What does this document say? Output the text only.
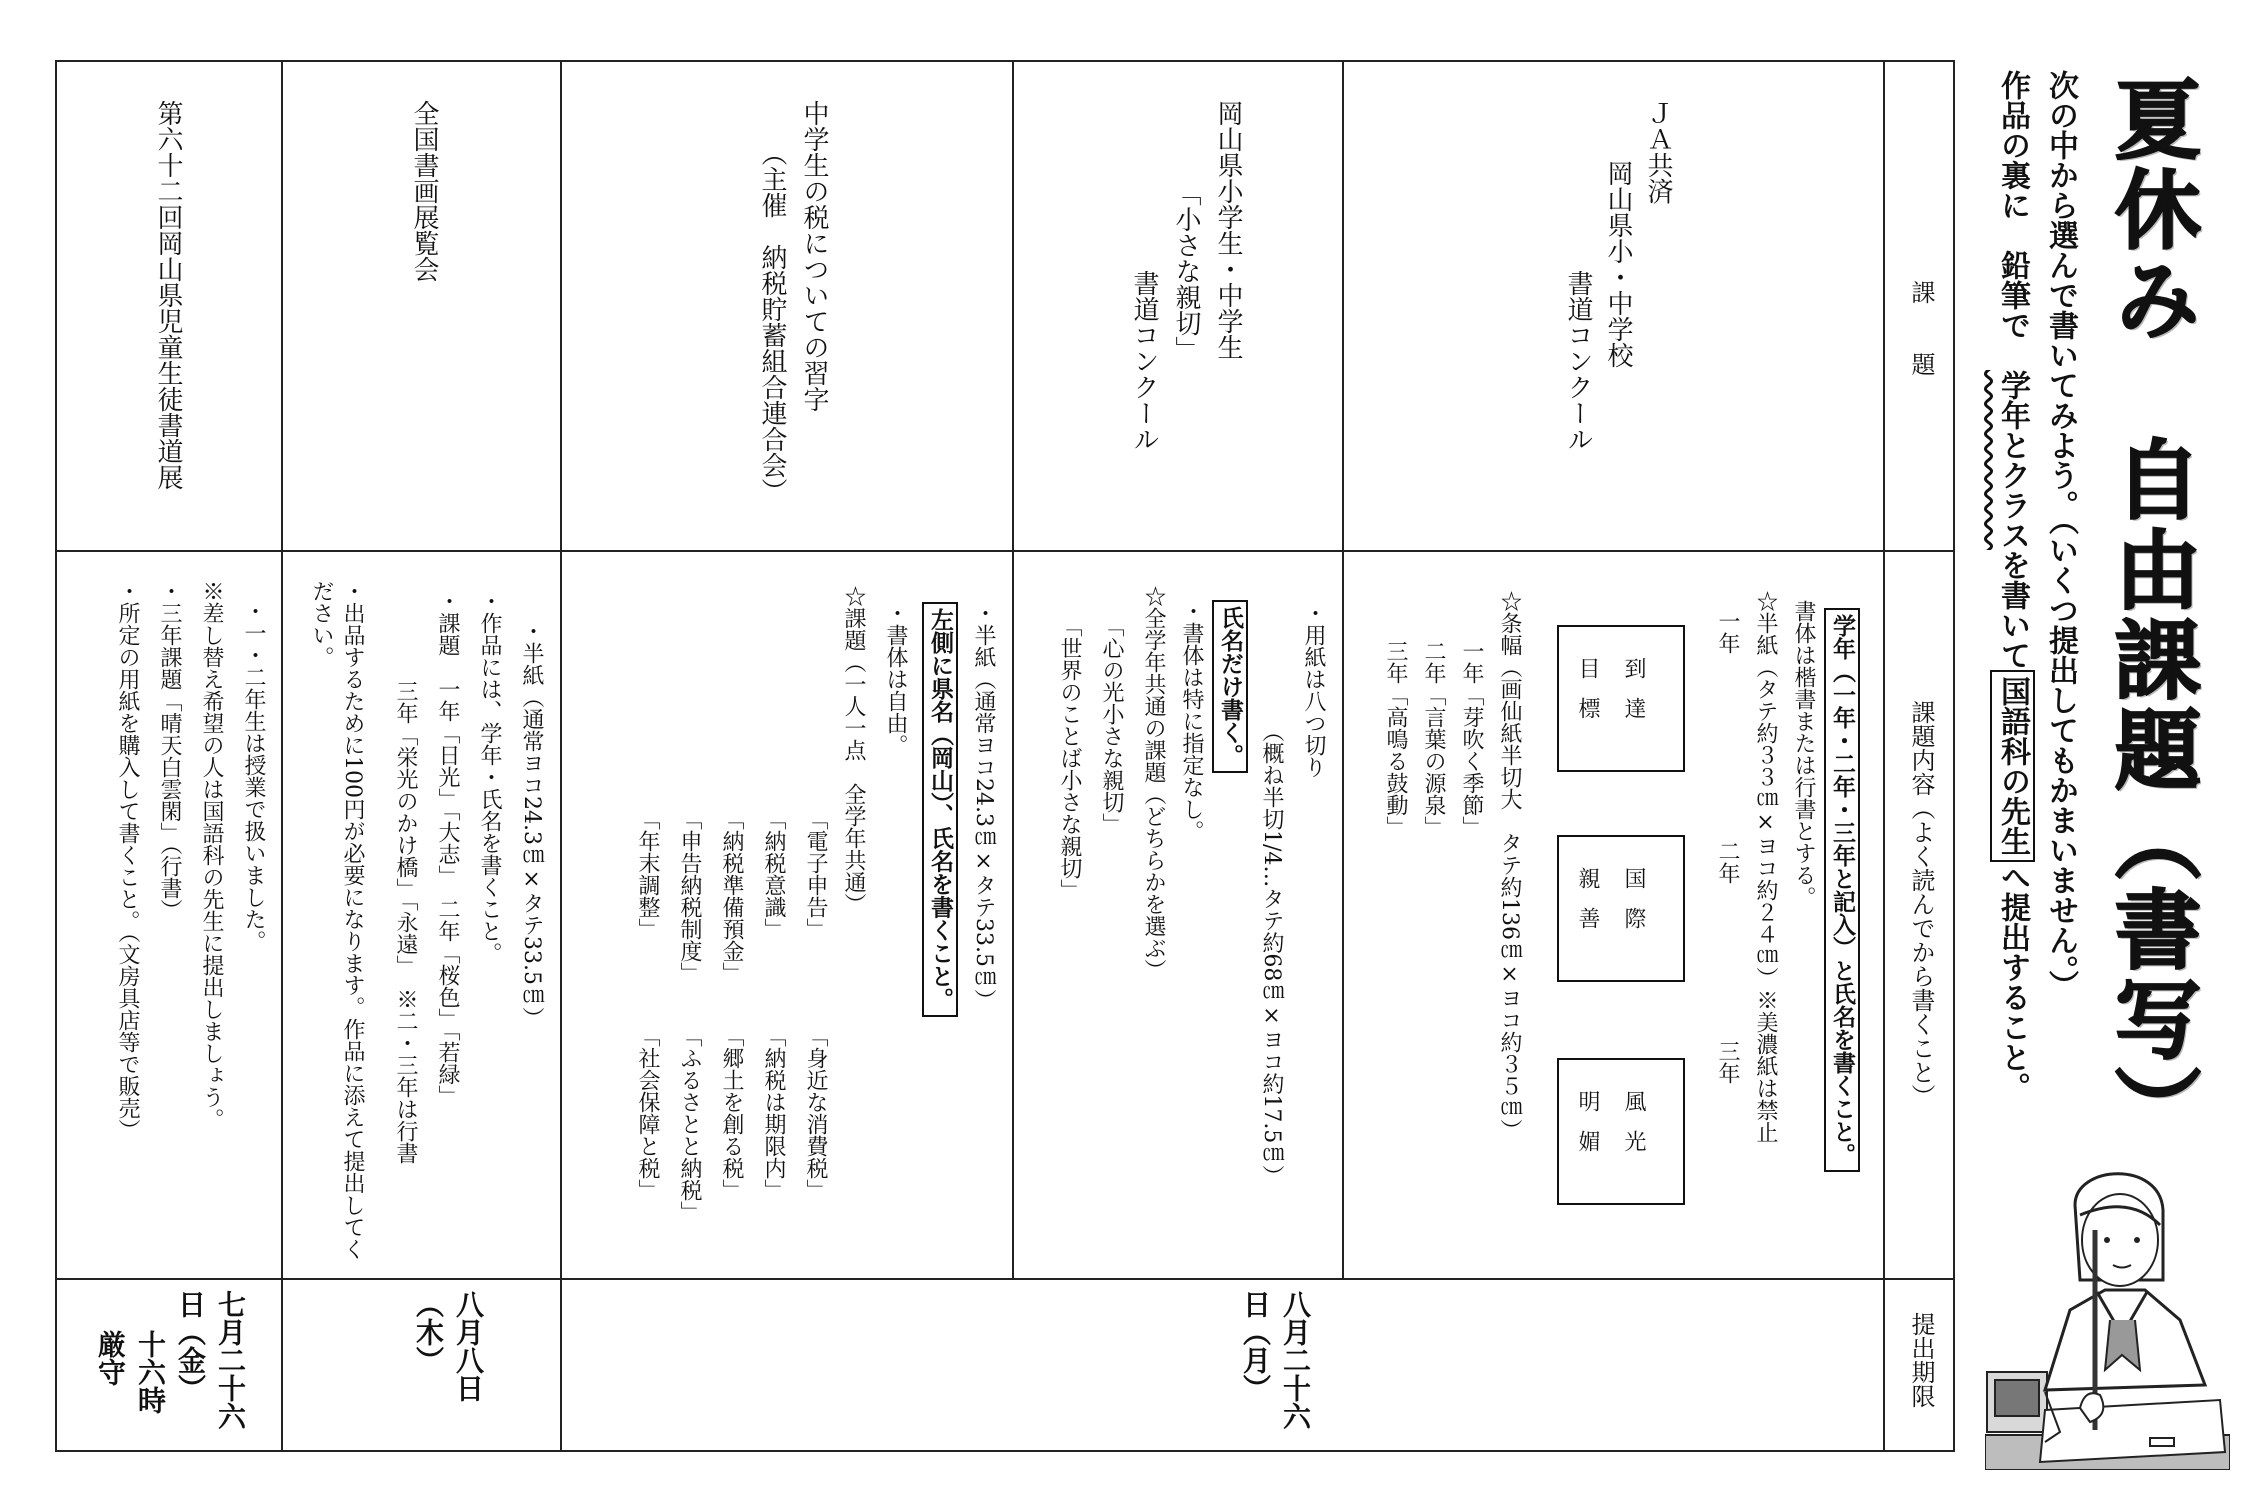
課　　題
課題内容（よく読んでから書くこと）
提出期限
夏休み　自由課題（書写）
次の中から選んで書いてみよう。（いくつ提出してもかまいません。）
作品の裏に　鉛筆で　学年とクラスを書いて国語科の先生へ提出すること。
ＪＡ共済
岡山県小・中学校
書道コンクール
学年（一年・二年・三年と記入）と氏名を書くこと。
書体は楷書または行書とする。
☆半紙（タテ約３３㎝×ヨコ約２４㎝）※美濃紙は禁止
一年
二年
三年
到達
目標
国際
親善
風光
明媚
☆条幅（画仙紙半切大　タテ約136㎝×ヨコ約３５㎝）
一年「芽吹く季節」
二年「言葉の源泉」
三年「高鳴る鼓動」
岡山県小学生・中学生
「小さな親切」
書道コンクール
・用紙は八つ切り
（概ね半切1/4…タテ約68㎝×ヨコ約17.5㎝）
氏名だけ書く。
・書体は特に指定なし。
☆全学年共通の課題（どちらかを選ぶ）
「心の光小さな親切」
「世界のことば小さな親切」
中学生の税についての習字
（主催　納税貯蓄組合連合会）
・半紙（通常ヨコ24.3㎝×タテ33.5㎝）
左側に県名（岡山）、氏名を書くこと。
・書体は自由。
☆課題（一人一点　全学年共通）
「身近な消費税」
「納税は期限内」
「郷土を創る税」
「ふるさとと納税」
「社会保障と税」
「電子申告」
「納税意識」
「納税準備預金」
「申告納税制度」
「年末調整」
全国書画展覧会
・半紙（通常ヨコ24.3㎝×タテ33.5㎝）
・作品には、学年・氏名を書くこと。
・課題　一年「日光」「大志」　二年「桜色」「若緑」
三年「栄光のかけ橋」「永遠」　※二・三年は行書
・出品するために100円が必要になります。作品に添えて提出してください。
第六十二回岡山県児童生徒書道展
・一・二年生は授業で扱いました。
※差し替え希望の人は国語科の先生に提出しましょう。
・三年課題「晴天白雲閑」（行書）
・所定の用紙を購入して書くこと。（文房具店等で販売）
八月二十六日（月）
八月八日（木）
七月二十六日（金）
十六時厳守
